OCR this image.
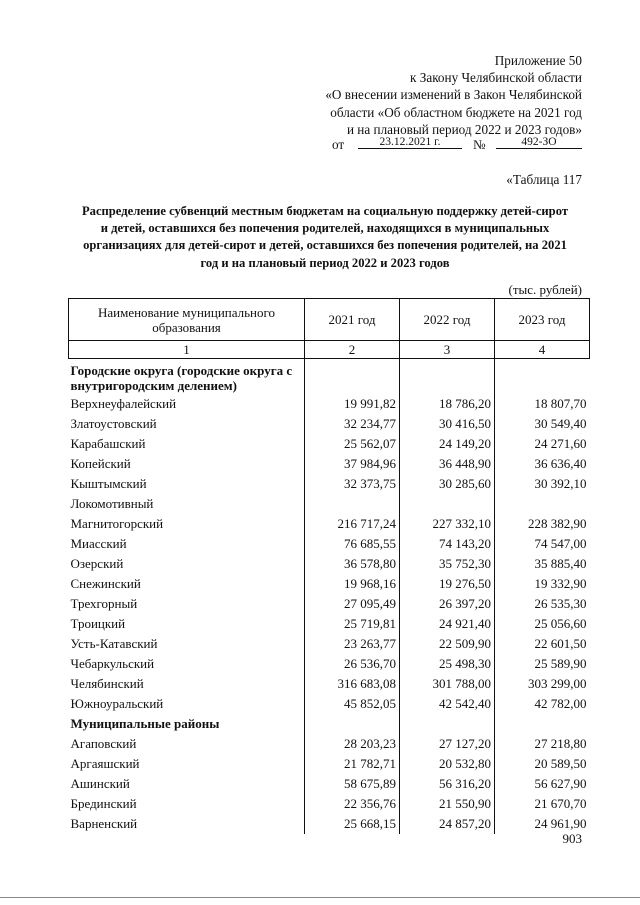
Приложение 50
к Закону Челябинской области
«О внесении изменений в Закон Челябинской
области «Об областном бюджете на 2021 год
и на плановый период 2022 и 2023 годов»
от	23.12.2021 г.	№	492-ЗО
«Таблица 117
Распределение субвенций местным бюджетам на социальную поддержку детей-сирот и детей, оставшихся без попечения родителей, находящихся в муниципальных организациях для детей-сирот и детей, оставшихся без попечения родителей, на 2021 год и на плановый период 2022 и 2023 годов
(тыс. рублей)
Наименование муниципального образования	2021 год	2022 год	2023 год
1	2	3	4
Городские округа (городские округа с внутригородским делением)			
Верхнеуфалейский	19 991,82	18 786,20	18 807,70
Златоустовский	32 234,77	30 416,50	30 549,40
Карабашский	25 562,07	24 149,20	24 271,60
Копейский	37 984,96	36 448,90	36 636,40
Кыштымский	32 373,75	30 285,60	30 392,10
Локомотивный			
Магнитогорский	216 717,24	227 332,10	228 382,90
Миасский	76 685,55	74 143,20	74 547,00
Озерский	36 578,80	35 752,30	35 885,40
Снежинский	19 968,16	19 276,50	19 332,90
Трехгорный	27 095,49	26 397,20	26 535,30
Троицкий	25 719,81	24 921,40	25 056,60
Усть-Катавский	23 263,77	22 509,90	22 601,50
Чебаркульский	26 536,70	25 498,30	25 589,90
Челябинский	316 683,08	301 788,00	303 299,00
Южноуральский	45 852,05	42 542,40	42 782,00
Муниципальные районы			
Агаповский	28 203,23	27 127,20	27 218,80
Аргаяшский	21 782,71	20 532,80	20 589,50
Ашинский	58 675,89	56 316,20	56 627,90
Брединский	22 356,76	21 550,90	21 670,70
Варненский	25 668,15	24 857,20	24 961,90
903
